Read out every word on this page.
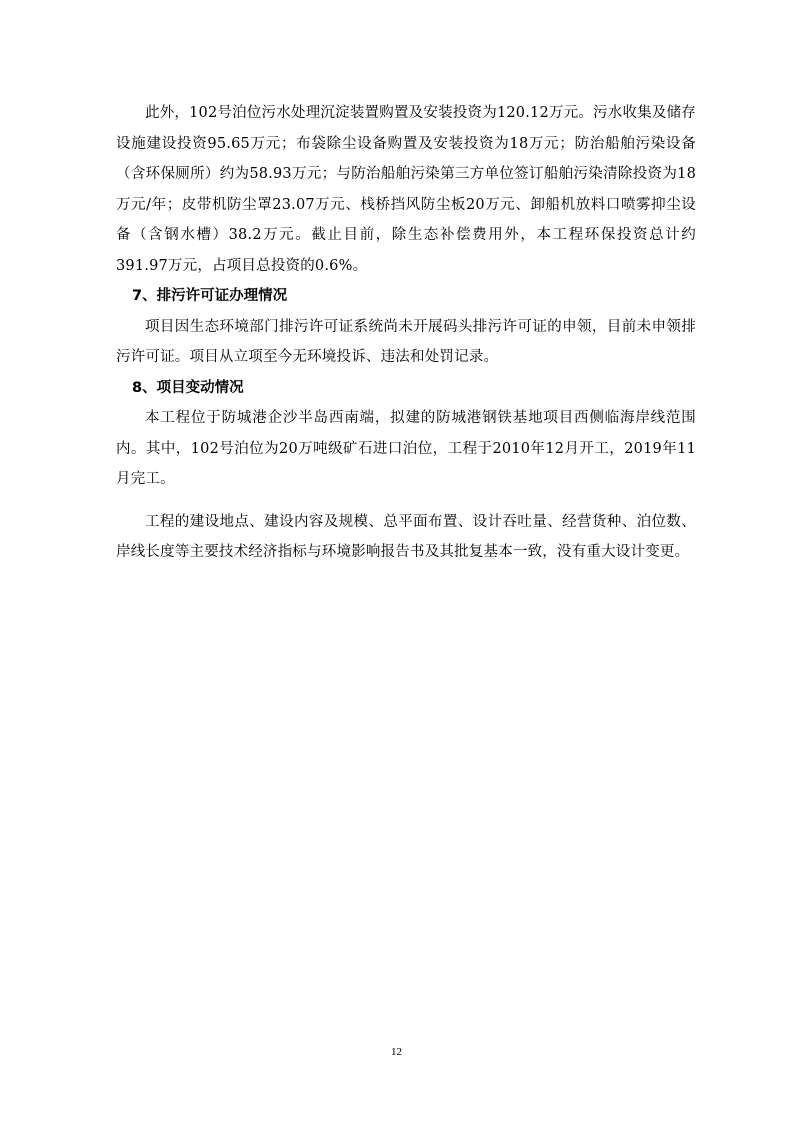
此外，102号泊位污水处理沉淀装置购置及安装投资为120.12万元。污水收集及储存设施建设投资95.65万元；布袋除尘设备购置及安装投资为18万元；防治船舶污染设备（含环保厕所）约为58.93万元；与防治船舶污染第三方单位签订船舶污染清除投资为18万元/年；皮带机防尘罩23.07万元、栈桥挡风防尘板20万元、卸船机放料口喷雾抑尘设备（含钢水槽）38.2万元。截止目前，除生态补偿费用外，本工程环保投资总计约391.97万元，占项目总投资的0.6%。

7、排污许可证办理情况

项目因生态环境部门排污许可证系统尚未开展码头排污许可证的申领，目前未申领排污许可证。项目从立项至今无环境投诉、违法和处罚记录。

8、项目变动情况

本工程位于防城港企沙半岛西南端，拟建的防城港钢铁基地项目西侧临海岸线范围内。其中，102号泊位为20万吨级矿石进口泊位，工程于2010年12月开工，2019年11月完工。

工程的建设地点、建设内容及规模、总平面布置、设计吞吐量、经营货种、泊位数、岸线长度等主要技术经济指标与环境影响报告书及其批复基本一致，没有重大设计变更。

12
